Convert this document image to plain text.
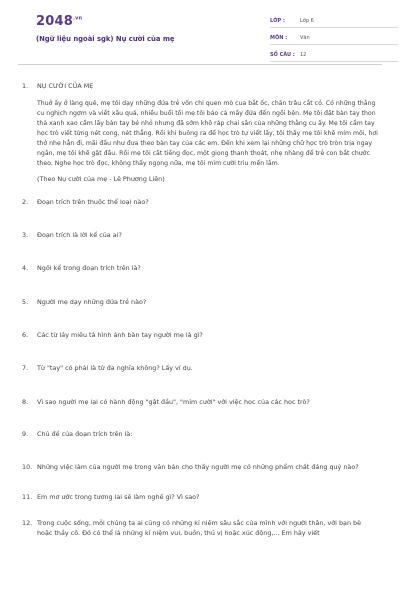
$2048^{.vn}$
(Ngữ liệu ngoài sgk) Nụ cười của mẹ
LỚP :	Lớp 6
MÔN :	Văn
SỐ CÂU :	12
1.	NỤ CƯỜI CỦA MẸ
Thuở ấy ở làng quê, mẹ tôi dạy những đứa trẻ vốn chỉ quen mò cua bắt ốc, chăn trâu cắt cỏ. Có những thằng cu nghịch ngợm và viết xấu quá, nhiều buổi tối mẹ tôi bảo cả mấy đứa đến ngồi bên. Mẹ tôi đặt bàn tay thon thả xanh xao cầm lấy bàn tay bé nhỏ nhưng đã sớm khô ráp chai sần của những thằng cu ấy. Mẹ tôi cầm tay học trò viết từng nét cong, nét thẳng. Rồi khi buông ra để học trò tự viết lấy, tôi thấy mẹ tôi khẽ mím môi, hơi thở nhẹ hẳn đi, mãi đầu như đưa theo bàn tay của các em. Đến khi xem lại những chữ học trò tròn trịa ngay ngắn, mẹ tôi khẽ gật đầu. Rồi mẹ tôi cất tiếng đọc, một giọng thanh thoát, nhẹ nhàng để trẻ con bắt chước theo. Nghe học trò đọc, không thấy ngọng nữa, mẹ tôi mỉm cười triu mến lắm.
(Theo Nụ cười của mẹ - Lê Phương Liên)
2.	Đoạn trích trên thuộc thể loại nào?
3.	Đoạn trích là lời kể của ai?
4.	Ngôi kể trong đoạn trích trên là?
5.	Người mẹ dạy những đứa trẻ nào?
6.	Các từ láy miêu tả hình ảnh bàn tay người mẹ là gì?
7.	Từ "tay" có phải là từ đa nghĩa không? Lấy ví dụ.
8.	Vì sao người mẹ lại có hành động "gật đầu", "mỉm cười" với việc học của các học trò?
9.	Chủ đề của đoạn trích trên là:
10. Những việc làm của người mẹ trong văn bản cho thấy người mẹ có những phẩm chất đáng quý nào?
11. Em mơ ước trong tương lai sẽ làm nghề gì? Vì sao?
12. Trong cuộc sống, mỗi chúng ta ai cũng có những kỉ niệm sâu sắc của mình với người thân, với bạn bè hoặc thầy cô. Đó có thể là những kỉ niệm vui, buồn, thú vị hoặc xúc động,... Em hãy viết
